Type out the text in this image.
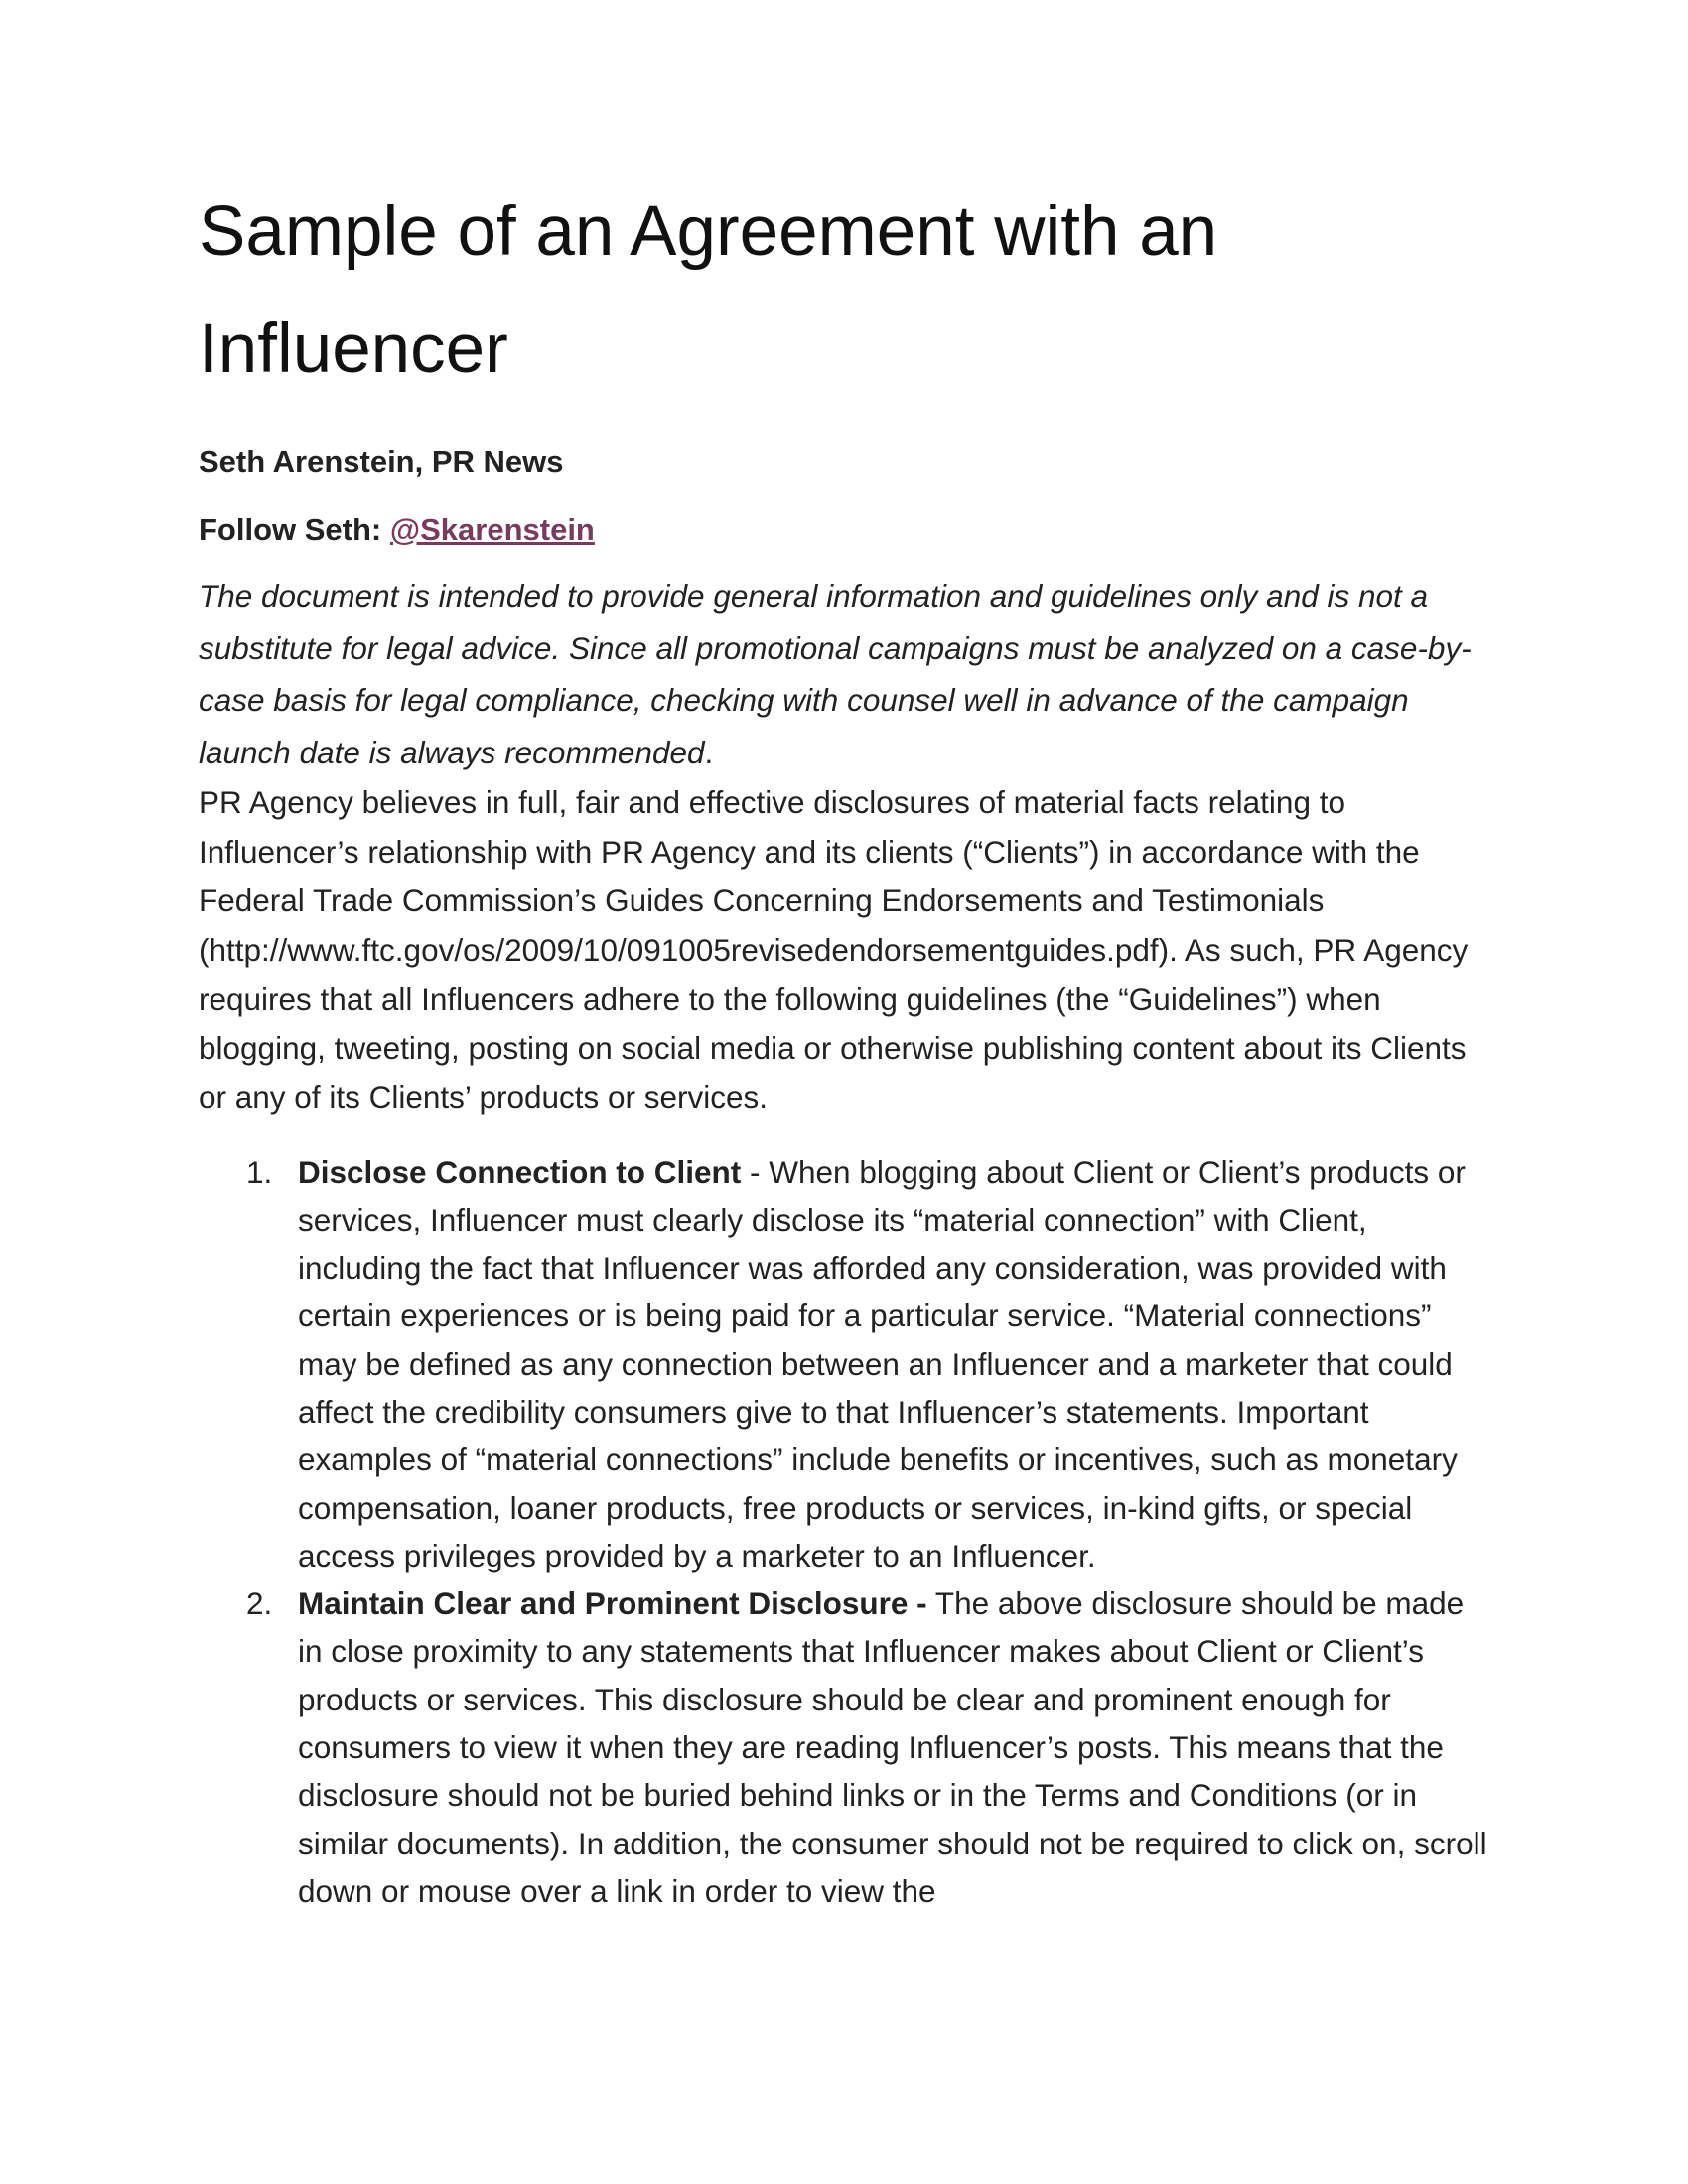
Sample of an Agreement with an Influencer

Seth Arenstein, PR News

Follow Seth: @Skarenstein

The document is intended to provide general information and guidelines only and is not a substitute for legal advice. Since all promotional campaigns must be analyzed on a case-by-case basis for legal compliance, checking with counsel well in advance of the campaign launch date is always recommended.

PR Agency believes in full, fair and effective disclosures of material facts relating to Influencer’s relationship with PR Agency and its clients (“Clients”) in accordance with the Federal Trade Commission’s Guides Concerning Endorsements and Testimonials (http://www.ftc.gov/os/2009/10/091005revisedendorsementguides.pdf). As such, PR Agency requires that all Influencers adhere to the following guidelines (the “Guidelines”) when blogging, tweeting, posting on social media or otherwise publishing content about its Clients or any of its Clients’ products or services.

1. Disclose Connection to Client - When blogging about Client or Client’s products or services, Influencer must clearly disclose its “material connection” with Client, including the fact that Influencer was afforded any consideration, was provided with certain experiences or is being paid for a particular service. “Material connections” may be defined as any connection between an Influencer and a marketer that could affect the credibility consumers give to that Influencer’s statements. Important examples of “material connections” include benefits or incentives, such as monetary compensation, loaner products, free products or services, in-kind gifts, or special access privileges provided by a marketer to an Influencer.
2. Maintain Clear and Prominent Disclosure - The above disclosure should be made in close proximity to any statements that Influencer makes about Client or Client’s products or services. This disclosure should be clear and prominent enough for consumers to view it when they are reading Influencer’s posts. This means that the disclosure should not be buried behind links or in the Terms and Conditions (or in similar documents). In addition, the consumer should not be required to click on, scroll down or mouse over a link in order to view the
